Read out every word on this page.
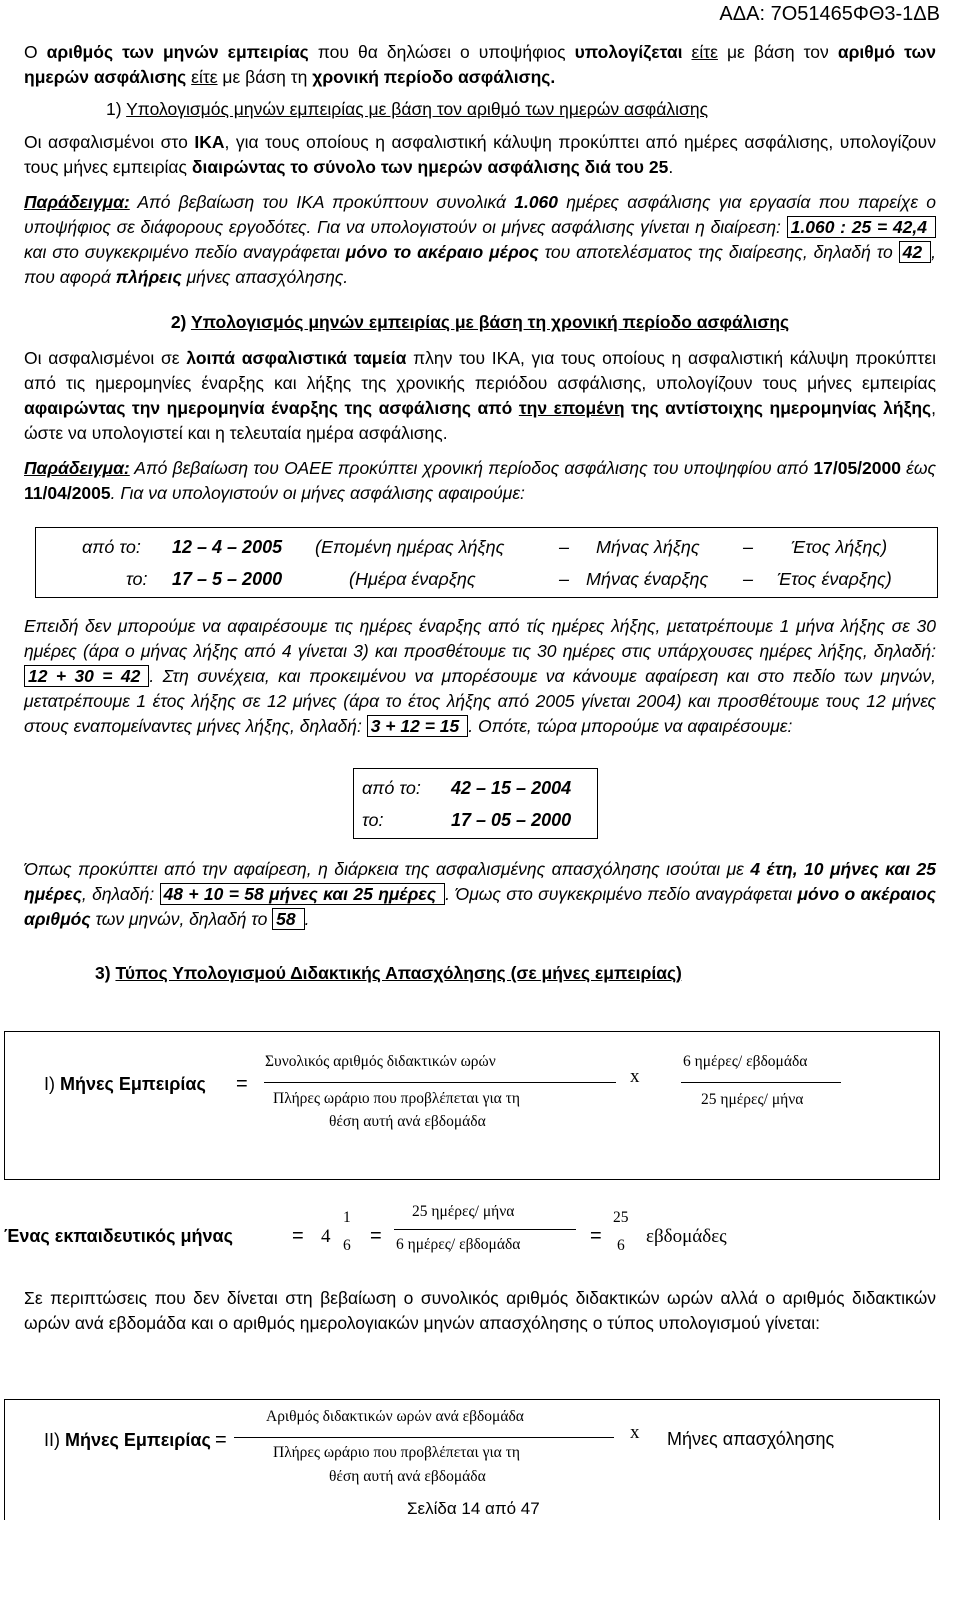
ΑΔΑ: 7Ο51465ΦΘ3-1ΔΒ

Ο αριθμός των μηνών εμπειρίας που θα δηλώσει ο υποψήφιος υπολογίζεται είτε με βάση τον αριθμό των ημερών ασφάλισης είτε με βάση τη χρονική περίοδο ασφάλισης.

1) Υπολογισμός μηνών εμπειρίας με βάση τον αριθμό των ημερών ασφάλισης

Οι ασφαλισμένοι στο ΙΚΑ, για τους οποίους η ασφαλιστική κάλυψη προκύπτει από ημέρες ασφάλισης, υπολογίζουν τους μήνες εμπειρίας διαιρώντας το σύνολο των ημερών ασφάλισης διά του 25.

Παράδειγμα: Από βεβαίωση του ΙΚΑ προκύπτουν συνολικά 1.060 ημέρες ασφάλισης για εργασία που παρείχε ο υποψήφιος σε διάφορους εργοδότες. Για να υπολογιστούν οι μήνες ασφάλισης γίνεται η διαίρεση: 1.060 : 25 = 42,4 και στο συγκεκριμένο πεδίο αναγράφεται μόνο το ακέραιο μέρος του αποτελέσματος της διαίρεσης, δηλαδή το 42 , που αφορά πλήρεις μήνες απασχόλησης.

2) Υπολογισμός μηνών εμπειρίας με βάση τη χρονική περίοδο ασφάλισης

Οι ασφαλισμένοι σε λοιπά ασφαλιστικά ταμεία πλην του ΙΚΑ, για τους οποίους η ασφαλιστική κάλυψη προκύπτει από τις ημερομηνίες έναρξης και λήξης της χρονικής περιόδου ασφάλισης, υπολογίζουν τους μήνες εμπειρίας αφαιρώντας την ημερομηνία έναρξης της ασφάλισης από την επομένη της αντίστοιχης ημερομηνίας λήξης, ώστε να υπολογιστεί και η τελευταία ημέρα ασφάλισης.

Παράδειγμα: Από βεβαίωση του ΟΑΕΕ προκύπτει χρονική περίοδος ασφάλισης του υποψηφίου από 17/05/2000 έως 11/04/2005. Για να υπολογιστούν οι μήνες ασφάλισης αφαιρούμε:

από το: 12 – 4 – 2005 (Επομένη ημέρας λήξης	– Μήνας λήξης – Έτος λήξης)
το: 17 – 5 – 2000	(Ημέρα έναρξης	– Μήνας έναρξης – Έτος έναρξης)

Επειδή δεν μπορούμε να αφαιρέσουμε τις ημέρες έναρξης από τίς ημέρες λήξης, μετατρέπουμε 1 μήνα λήξης σε 30 ημέρες (άρα ο μήνας λήξης από 4 γίνεται 3) και προσθέτουμε τις 30 ημέρες στις υπάρχουσες ημέρες λήξης, δηλαδή: 12 + 30 = 42 . Στη συνέχεια, και προκειμένου να μπορέσουμε να κάνουμε αφαίρεση και στο πεδίο των μηνών, μετατρέπουμε 1 έτος λήξης σε 12 μήνες (άρα το έτος λήξης από 2005 γίνεται 2004) και προσθέτουμε τους 12 μήνες στους εναπομείναντες μήνες λήξης, δηλαδή: 3 + 12 = 15 . Οπότε, τώρα μπορούμε να αφαιρέσουμε:

από το: 42 – 15 – 2004
το:	17 – 05 – 2000

Όπως προκύπτει από την αφαίρεση, η διάρκεια της ασφαλισμένης απασχόλησης ισούται με 4 έτη, 10 μήνες και 25 ημέρες, δηλαδή: 48 + 10 = 58 μήνες και 25 ημέρες . Όμως στο συγκεκριμένο πεδίο αναγράφεται μόνο ο ακέραιος αριθμός των μηνών, δηλαδή το 58 .

3) Τύπος Υπολογισμού Διδακτικής Απασχόλησης (σε μήνες εμπειρίας)
Ι) Μήνες Εμπειρίας =
Συνολικός αριθμός διδακτικών ωρών
Πλήρες ωράριο που προβλέπεται για τη
θέση αυτή ανά εβδομάδα
x
6 ημέρες/ εβδομάδα
25 ημέρες/ μήνα
Ένας εκπαιδευτικός μήνας	= 4
1
6 =
25 ημέρες/ μήνα
6 ημέρες/ εβδομάδα	=
25
6 εβδομάδες

Σε περιπτώσεις που δεν δίνεται στη βεβαίωση ο συνολικός αριθμός διδακτικών ωρών αλλά ο αριθμός διδακτικών ωρών ανά εβδομάδα και ο αριθμός ημερολογιακών μηνών απασχόλησης ο τύπος υπολογισμού γίνεται:

ΙΙ) Μήνες Εμπειρίας =
Αριθμός διδακτικών ωρών ανά εβδομάδα
Πλήρες ωράριο που προβλέπεται για τη
θέση αυτή ανά εβδομάδα
x Μήνες απασχόλησης
Σελίδα 14 από 47
